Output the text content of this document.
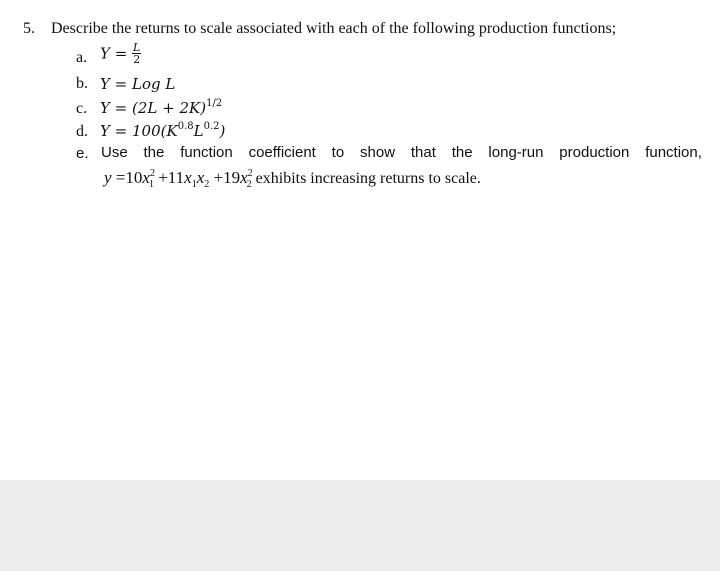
5. Describe the returns to scale associated with each of the following production functions;
a. $Y = \frac{L}{2}$
b. Y = Log L
c. $Y = (2L + 2K)^{1/2}$
d. $Y = 100(K^{0.8}L^{0.2})$
e. Use the function coefficient to show that the long-run production function,
$y =10x^2_1 +11x_1x_2 +19x^2_2$ exhibits increasing returns to scale.
